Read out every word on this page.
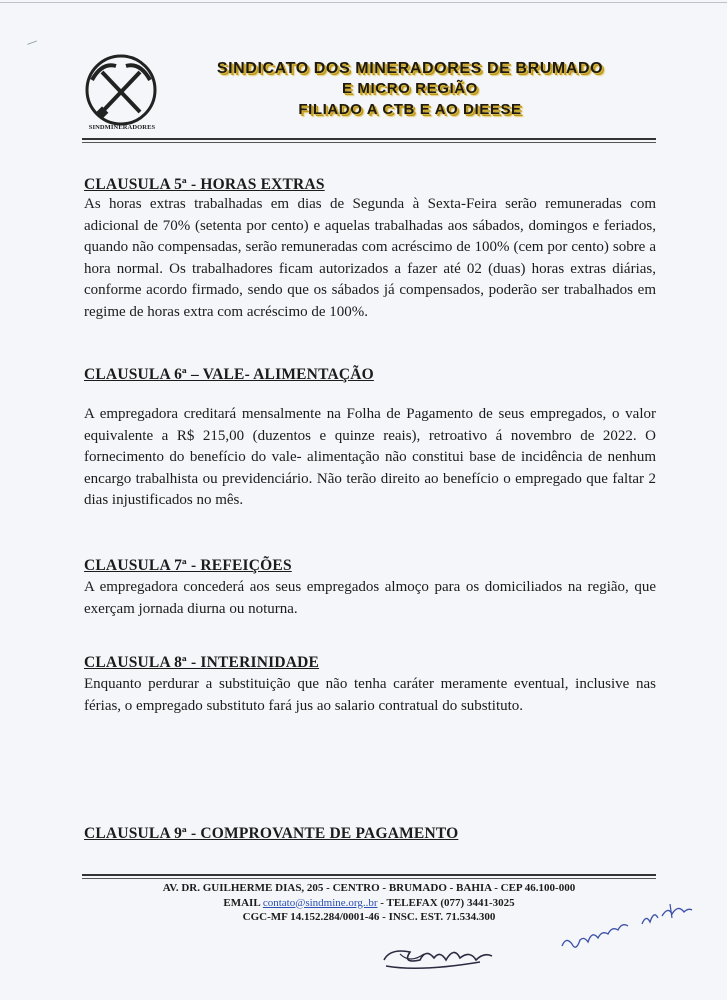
SINDMINERADORES
SINDICATO DOS MINERADORES DE BRUMADO
E MICRO REGIÃO
FILIADO A CTB E AO DIEESE
CLAUSULA 5ª - HORAS EXTRAS
As horas extras trabalhadas em dias de Segunda à Sexta-Feira serão remuneradas com adicional de 70% (setenta por cento) e aquelas trabalhadas aos sábados, domingos e feriados, quando não compensadas, serão remuneradas com acréscimo de 100% (cem por cento) sobre a hora normal. Os trabalhadores ficam autorizados a fazer até 02 (duas) horas extras diárias, conforme acordo firmado, sendo que os sábados já compensados, poderão ser trabalhados em regime de horas extra com acréscimo de 100%.
CLAUSULA 6ª – VALE- ALIMENTAÇÃO
A empregadora creditará mensalmente na Folha de Pagamento de seus empregados, o valor equivalente a R$ 215,00 (duzentos e quinze reais), retroativo á novembro de 2022. O fornecimento do benefício do vale- alimentação não constitui base de incidência de nenhum encargo trabalhista ou previdenciário. Não terão direito ao benefício o empregado que faltar 2 dias injustificados no mês.
CLAUSULA 7ª - REFEIÇÕES
A empregadora concederá aos seus empregados almoço para os domiciliados na região, que exerçam jornada diurna ou noturna.
CLAUSULA 8ª - INTERINIDADE
Enquanto perdurar a substituição que não tenha caráter meramente eventual, inclusive nas férias, o empregado substituto fará jus ao salario contratual do substituto.
CLAUSULA 9ª - COMPROVANTE DE PAGAMENTO
AV. DR. GUILHERME DIAS, 205 - CENTRO - BRUMADO - BAHIA - CEP 46.100-000
EMAIL contato@sindmine.org..br - TELEFAX (077) 3441-3025
CGC-MF 14.152.284/0001-46 - INSC. EST. 71.534.300
